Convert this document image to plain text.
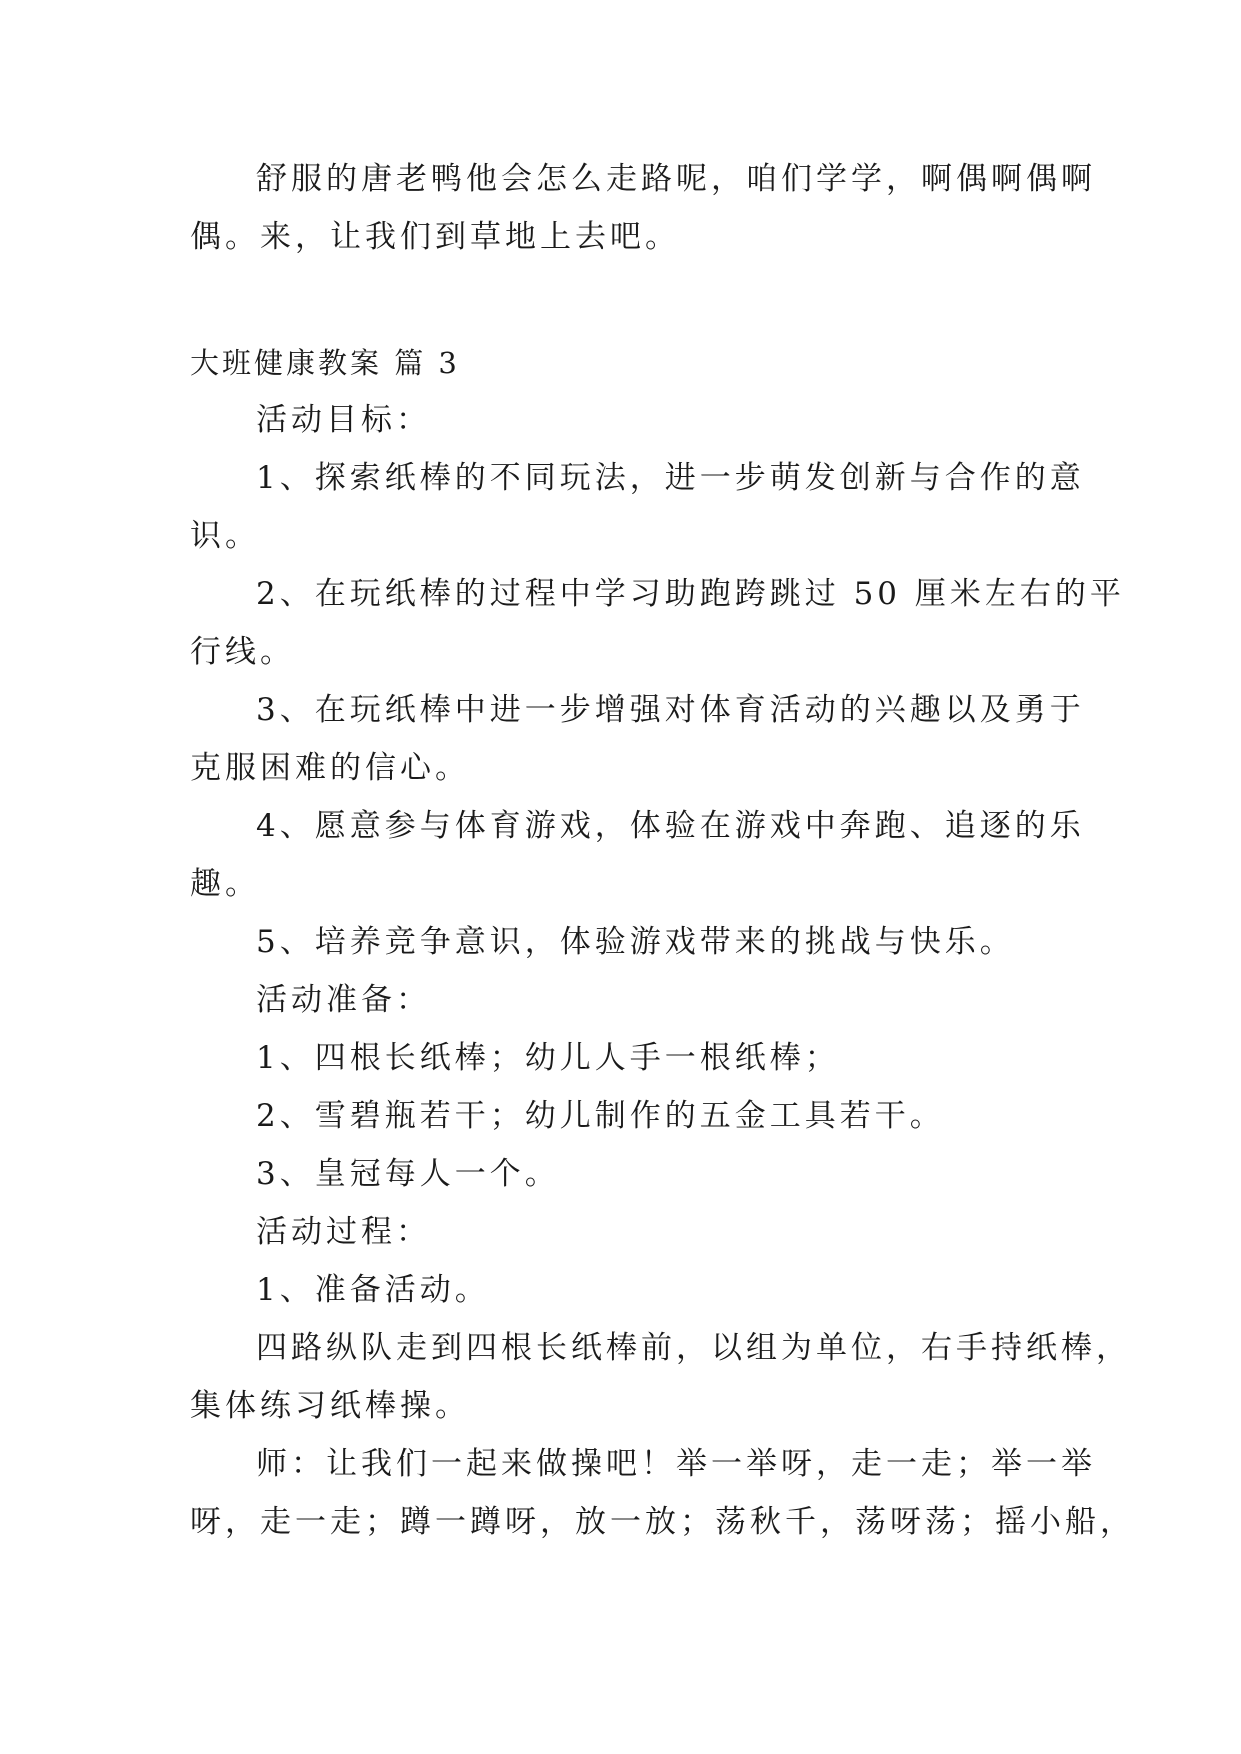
舒服的唐老鸭他会怎么走路呢，咱们学学，啊偶啊偶啊
偶。来，让我们到草地上去吧。
大班健康教案 篇 3
活动目标：
1、探索纸棒的不同玩法，进一步萌发创新与合作的意
识。
2、在玩纸棒的过程中学习助跑跨跳过 50 厘米左右的平
行线。
3、在玩纸棒中进一步增强对体育活动的兴趣以及勇于
克服困难的信心。
4、愿意参与体育游戏，体验在游戏中奔跑、追逐的乐
趣。
5、培养竞争意识，体验游戏带来的挑战与快乐。
活动准备：
1、四根长纸棒；幼儿人手一根纸棒；
2、雪碧瓶若干；幼儿制作的五金工具若干。
3、皇冠每人一个。
活动过程：
1、准备活动。
四路纵队走到四根长纸棒前，以组为单位，右手持纸棒，
集体练习纸棒操。
师：让我们一起来做操吧！举一举呀，走一走；举一举
呀，走一走；蹲一蹲呀，放一放；荡秋千，荡呀荡；摇小船，
